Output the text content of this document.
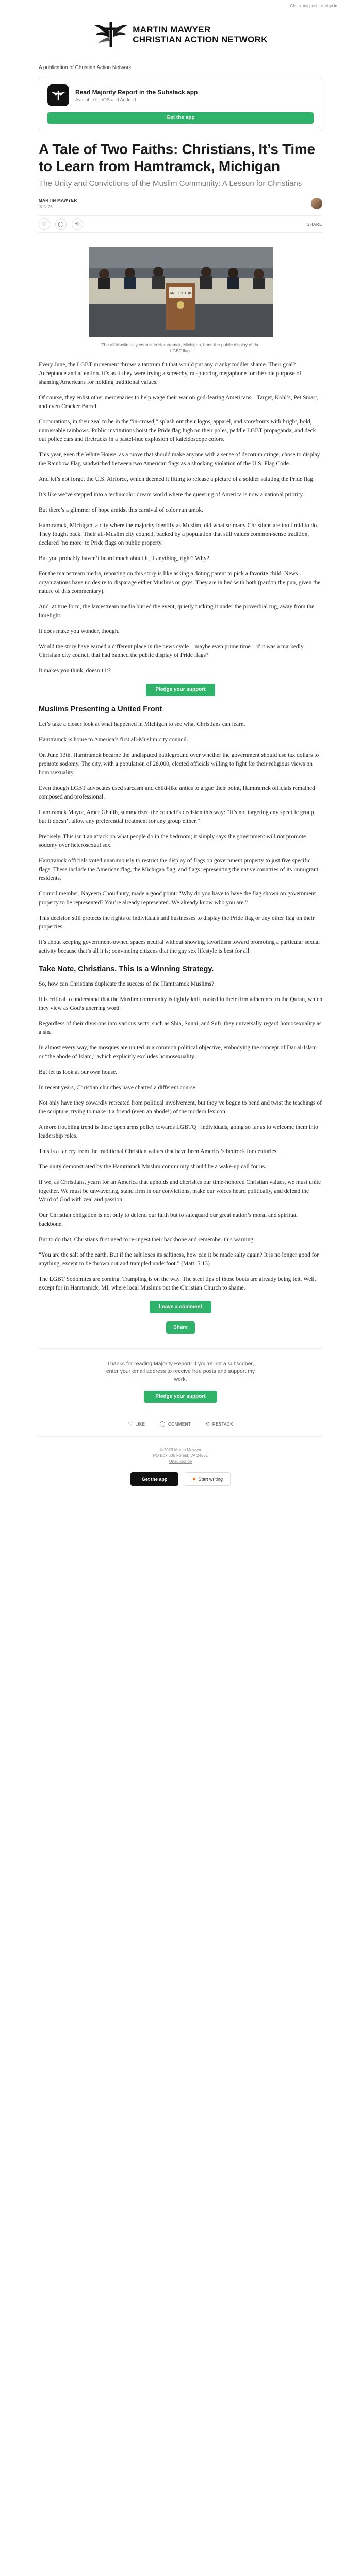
Claim my post or sign in
MARTIN MAWYER
CHRISTIAN ACTION NETWORK
A publication of Christian Action Network
Read Majority Report in the Substack app
Available for iOS and Android
Get the app
A Tale of Two Faiths: Christians, It’s Time to Learn from Hamtramck, Michigan
The Unity and Convictions of the Muslim Community: A Lesson for Christians
MARTIN MAWYER
JUN 26
♡ ◯ ⟲	SHARE
AMER GHALIB
The all-Muslim city council in Hamtramck, Michigan, bans the public display of the LGBT flag.

Every June, the LGBT movement throws a tantrum fit that would put any cranky toddler shame. Their goal? Acceptance and attention. It’s as if they were trying a screechy, rat-piercing megaphone for the sole purpose of shaming Americans for holding traditional values.

Of course, they enlist other mercenaries to help wage their war on god-fearing Americans – Target, Kohl’s, Pet Smart, and even Cracker Barrel.

Corporations, in their zeal to be in the “in-crowd,” splash out their logos, apparel, and storefronts with bright, bold, unmissable rainbows. Public institutions hoist the Pride flag high on their poles, peddle LGBT propaganda, and deck out police cars and firetrucks in a pastel-hue explosion of kaleidoscope colors.

This year, even the White House, as a move that should make anyone with a sense of decorum cringe, chose to display the Rainbow Flag sandwiched between two American flags as a shocking violation of the U.S. Flag Code.

And let’s not forget the U.S. Airforce, which deemed it fitting to release a picture of a soldier saluting the Pride flag.

It’s like we’ve stepped into a technicolor dream world where the queering of America is now a national priority.

But there’s a glimmer of hope amidst this carnival of color run amok.

Hamtramck, Michigan, a city where the majority identify as Muslim, did what so many Christians are too timid to do. They fought back. Their all-Muslim city council, backed by a population that still values common-sense tradition, declared ‘no more’ to Pride flags on public property.

But you probably haven’t heard much about it, if anything, right? Why?

For the mainstream media, reporting on this story is like asking a doting parent to pick a favorite child. News organizations have no desire to disparage either Muslims or gays. They are in bed with both (pardon the pun, given the nature of this commentary).

And, at true form, the lamestream media buried the event, quietly tucking it under the proverbial rug, away from the limelight.

It does make you wonder, though.

Would the story have earned a different place in the news cycle – maybe even prime time – if it was a markedly Christian city council that had banned the public display of Pride flags?

It makes you think, doesn’t it?

Pledge your support
Muslims Presenting a United Front

Let’s take a closer look at what happened in Michigan to see what Christians can learn.

Hamtramck is home to America’s first all-Muslim city council.

On June 13th, Hamtramck became the undisputed battleground over whether the government should use tax dollars to promote sodomy. The city, with a population of 28,000, elected officials willing to fight for their religious views on homosexuality.

Even though LGBT advocates used sarcasm and child-like antics to argue their point, Hamtramck officials remained composed and professional.

Hamtramck Mayor, Amer Ghalib, summarized the council’s decision this way: “It’s not targeting any specific group, but it doesn’t allow any preferential treatment for any group either.”

Precisely. This isn’t an attack on what people do in the bedroom; it simply says the government will not promote sodomy over heterosexual sex.

Hamtramck officials voted unanimously to restrict the display of flags on government property to just five specific flags. These include the American flag, the Michigan flag, and flags representing the native countries of its immigrant residents.

Council member, Nayeem Choudhury, made a good point: “Why do you have to have the flag shown on government property to be represented? You’re already represented. We already know who you are.”

This decision still protects the rights of individuals and businesses to display the Pride flag or any other flag on their properties.

It’s about keeping government-owned spaces neutral without showing favoritism toward promoting a particular sexual activity because that’s all it is; convincing citizens that the gay sex lifestyle is best for all.

Take Note, Christians. This Is a Winning Strategy.

So, how can Christians duplicate the success of the Hamtramck Muslims?

It is critical to understand that the Muslim community is tightly knit, rooted in their firm adherence to the Quran, which they view as God’s unerring word.

Regardless of their divisions into various sects, such as Shia, Sunni, and Sufi, they universally regard homosexuality as a sin.

In almost every way, the mosques are united in a common political objective, embodying the concept of Dar al-Islam or “the abode of Islam,” which explicitly excludes homosexuality.

But let us look at our own house.

In recent years, Christian churches have charted a different course.

Not only have they cowardly retreated from political involvement, but they’ve begun to bend and twist the teachings of the scripture, trying to make it a friend (even an abode!) of the modern lexicon.

A more troubling trend is these open arms policy towards LGBTQ+ individuals, going so far as to welcome them into leadership roles.

This is a far cry from the traditional Christian values that have been America’s bedrock for centuries.

The unity demonstrated by the Hamtramck Muslim community should be a wake-up call for us.

If we, as Christians, yearn for an America that upholds and cherishes our time-honored Christian values, we must unite together. We must be unwavering, stand firm in our convictions, make our voices heard politically, and defend the Word of God with zeal and passion.

Our Christian obligation is not only to defend our faith but to safeguard our great nation’s moral and spiritual backbone.

But to do that, Christians first need to re-ingest their backbone and remember this warning:

“You are the salt of the earth. But if the salt loses its saltiness, how can it be made salty again? It is no longer good for anything, except to be thrown out and trampled underfoot.” (Matt. 5:13)

The LGBT Sodomites are coming. Trampling is on the way. The steel tips of those boots are already being felt. Well, except for in Hamtramck, MI, where local Muslims put the Christian Church to shame.

Leave a comment
Share

Thanks for reading Majority Report! If you’re not a subscriber, enter your email address to receive free posts and support my work.

Pledge your support
♡ LIKE	◯ COMMENT	⟲ RESTACK
© 2023 Martin Mawyer
PO Box 606 Forest, VA 24551
Unsubscribe
Get the app	▪ Start writing
